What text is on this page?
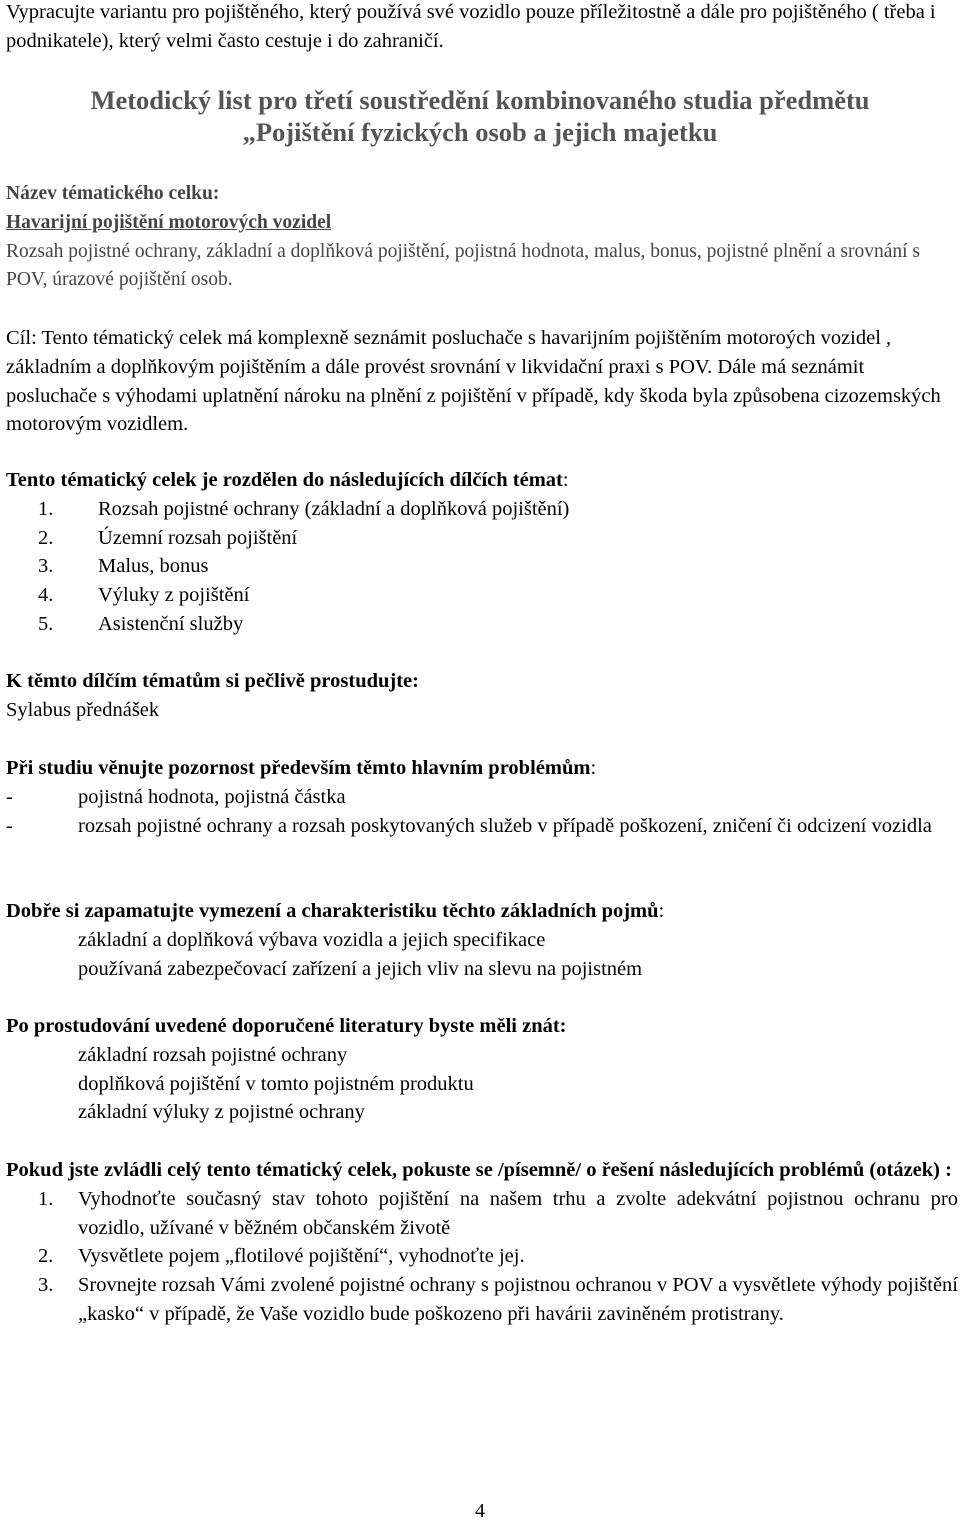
Vypracujte variantu pro pojištěného, který používá své vozidlo pouze příležitostně a dále pro pojištěného ( třeba i podnikatele), který velmi často cestuje i do zahraničí.

Metodický list pro třetí soustředění kombinovaného studia předmětu
„Pojištění fyzických osob a jejich majetku
Název tématického celku:
Havarijní pojištění motorových vozidel
Rozsah pojistné ochrany, základní a doplňková pojištění, pojistná hodnota, malus, bonus, pojistné plnění a srovnání s POV, úrazové pojištění osob.

Cíl: Tento tématický celek má komplexně seznámit posluchače s havarijním pojištěním motoroých vozidel , základním a doplňkovým pojištěním a dále provést srovnání v likvidační praxi s POV. Dále má seznámit posluchače s výhodami uplatnění nároku na plnění z pojištění v případě, kdy škoda byla způsobena cizozemských motorovým vozidlem.

Tento tématický celek je rozdělen do následujících dílčích témat:
1. Rozsah pojistné ochrany (základní a doplňková pojištění)
2. Územní rozsah pojištění
3. Malus, bonus
4. Výluky z pojištění
5. Asistenční služby
K těmto dílčím tématům si pečlivě prostudujte:
Sylabus přednášek
Při studiu věnujte pozornost především těmto hlavním problémům:
-	pojistná hodnota, pojistná částka
-	rozsah pojistné ochrany a rozsah poskytovaných služeb v případě poškození, zničení či odcizení vozidla
Dobře si zapamatujte vymezení a charakteristiku těchto základních pojmů:
základní a doplňková výbava vozidla a jejich specifikace
používaná zabezpečovací zařízení a jejich vliv na slevu na pojistném
Po prostudování uvedené doporučené literatury byste měli znát:
základní rozsah pojistné ochrany
doplňková pojištění v tomto pojistném produktu
základní výluky z pojistné ochrany
Pokud jste zvládli celý tento tématický celek, pokuste se /písemně/ o řešení následujících problémů (otázek) :
1. Vyhodnoťte současný stav tohoto pojištění na našem trhu a zvolte adekvátní pojistnou ochranu pro vozidlo, užívané v běžném občanském životě
2. Vysvětlete pojem „flotilové pojištění“, vyhodnoťte jej.
3. Srovnejte rozsah Vámi zvolené pojistné ochrany s pojistnou ochranou v POV a vysvětlete výhody pojištění „kasko“ v případě, že Vaše vozidlo bude poškozeno při havárii zaviněném protistrany.
4
